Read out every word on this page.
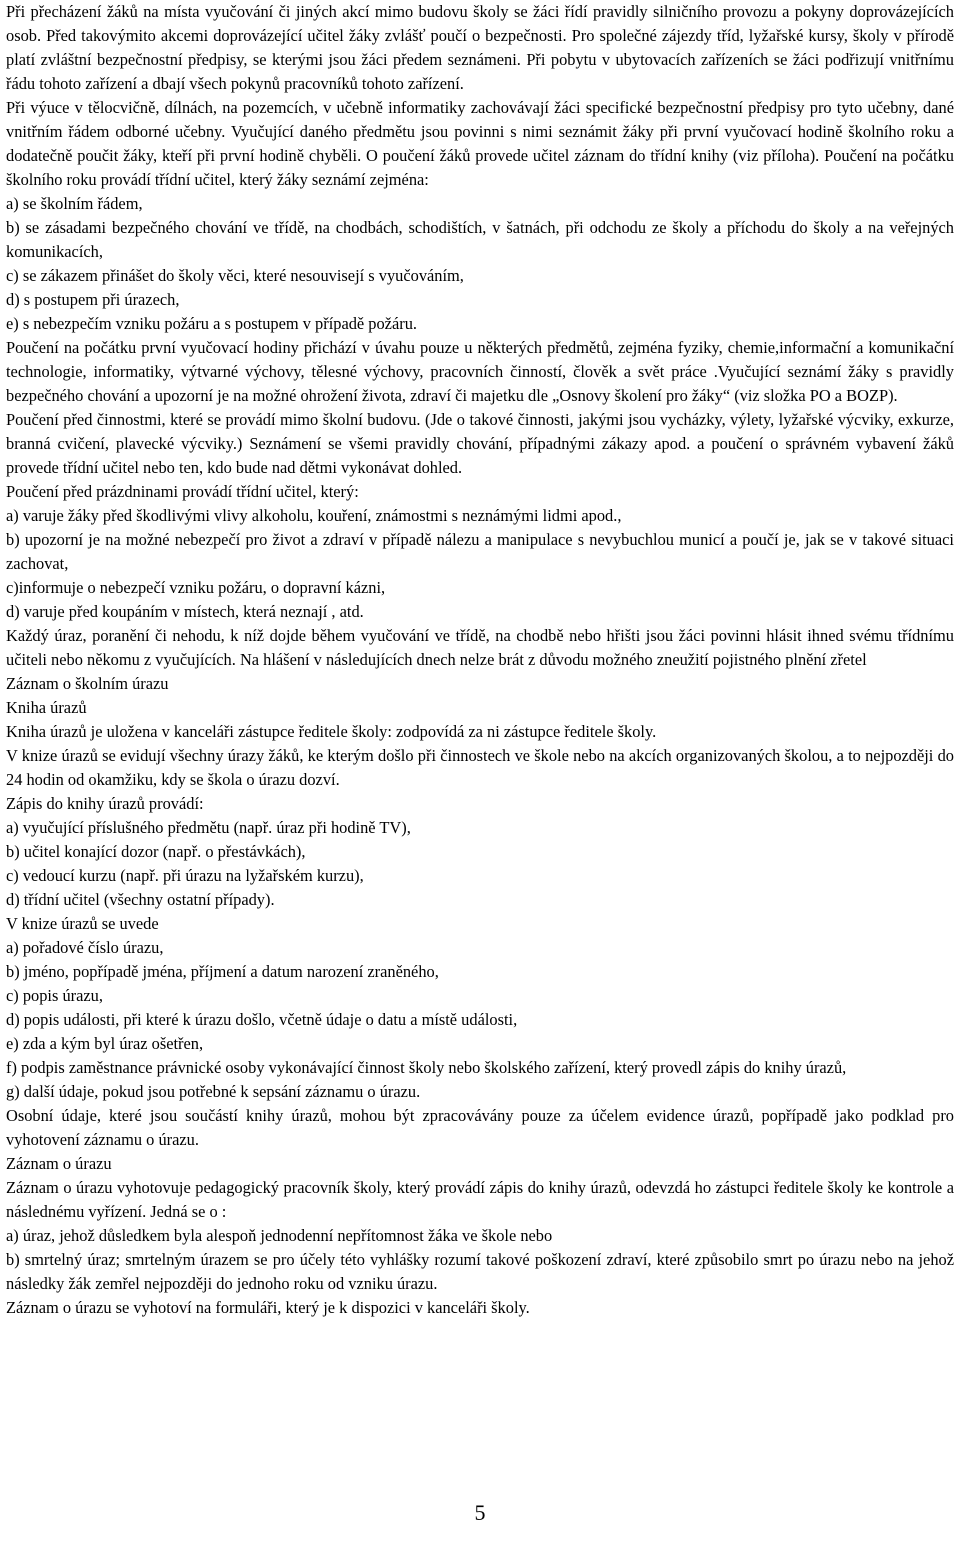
Při přecházení žáků na místa vyučování či jiných akcí mimo budovu školy se žáci řídí pravidly silničního provozu a pokyny doprovázejících osob. Před takovýmito akcemi doprovázející učitel žáky zvlášť poučí o bezpečnosti. Pro společné zájezdy tříd, lyžařské kursy, školy v přírodě platí zvláštní bezpečnostní předpisy, se kterými jsou žáci předem seznámeni. Při pobytu v ubytovacích zařízeních se žáci podřizují vnitřnímu řádu tohoto zařízení a dbají všech pokynů pracovníků tohoto zařízení.

Při výuce v tělocvičně, dílnách, na pozemcích, v učebně informatiky zachovávají žáci specifické bezpečnostní předpisy pro tyto učebny, dané vnitřním řádem odborné učebny. Vyučující daného předmětu jsou povinni s nimi seznámit žáky při první vyučovací hodině školního roku a dodatečně poučit žáky, kteří při první hodině chyběli. O poučení žáků provede učitel záznam do třídní knihy (viz příloha). Poučení na počátku školního roku provádí třídní učitel, který žáky seznámí zejména:

a) se školním řádem,

b) se zásadami bezpečného chování ve třídě, na chodbách, schodištích, v šatnách, při odchodu ze školy a příchodu do školy a na veřejných komunikacích,

c) se zákazem přinášet do školy věci, které nesouvisejí s vyučováním,

d) s postupem při úrazech,

e) s nebezpečím vzniku požáru a s postupem v případě požáru.

Poučení na počátku první vyučovací hodiny přichází v úvahu pouze u některých předmětů, zejména fyziky, chemie,informační a komunikační technologie, informatiky, výtvarné výchovy, tělesné výchovy, pracovních činností, člověk a svět práce .Vyučující seznámí žáky s pravidly bezpečného chování a upozorní je na možné ohrožení života, zdraví či majetku dle „Osnovy školení pro žáky“ (viz složka PO a BOZP).

Poučení před činnostmi, které se provádí mimo školní budovu. (Jde o takové činnosti, jakými jsou vycházky, výlety, lyžařské výcviky, exkurze, branná cvičení, plavecké výcviky.) Seznámení se všemi pravidly chování, případnými zákazy apod. a poučení o správném vybavení žáků provede třídní učitel nebo ten, kdo bude nad dětmi vykonávat dohled.

Poučení před prázdninami provádí třídní učitel, který:

a) varuje žáky před škodlivými vlivy alkoholu, kouření, známostmi s neznámými lidmi apod.,

b) upozorní je na možné nebezpečí pro život a zdraví v případě nálezu a manipulace s nevybuchlou municí a poučí je, jak se v takové situaci zachovat,

c)informuje o nebezpečí vzniku požáru, o dopravní kázni,

d) varuje před koupáním v místech, která neznají , atd.

Každý úraz, poranění či nehodu, k níž dojde během vyučování ve třídě, na chodbě nebo hřišti jsou žáci povinni hlásit ihned svému třídnímu učiteli nebo někomu z vyučujících. Na hlášení v následujících dnech nelze brát z důvodu možného zneužití pojistného plnění zřetel

Záznam o školním úrazu

Kniha úrazů

Kniha úrazů je uložena v kanceláři zástupce ředitele školy: zodpovídá za ni zástupce ředitele školy.

V knize úrazů se evidují všechny úrazy žáků, ke kterým došlo při činnostech ve škole nebo na akcích organizovaných školou, a to nejpozději do 24 hodin od okamžiku, kdy se škola o úrazu dozví.

Zápis do knihy úrazů provádí:

a) vyučující příslušného předmětu (např. úraz při hodině TV),

b) učitel konající dozor (např. o přestávkách),

c) vedoucí kurzu (např. při úrazu na lyžařském kurzu),

d) třídní učitel (všechny ostatní případy).

V knize úrazů se uvede

a) pořadové číslo úrazu,

b) jméno, popřípadě jména, příjmení a datum narození zraněného,

c) popis úrazu,

d) popis události, při které k úrazu došlo, včetně údaje o datu a místě události,

e) zda a kým byl úraz ošetřen,

f) podpis zaměstnance právnické osoby vykonávající činnost školy nebo školského zařízení, který provedl zápis do knihy úrazů,

g) další údaje, pokud jsou potřebné k sepsání záznamu o úrazu.

Osobní údaje, které jsou součástí knihy úrazů, mohou být zpracovávány pouze za účelem evidence úrazů, popřípadě jako podklad pro vyhotovení záznamu o úrazu.

Záznam o úrazu

Záznam o úrazu vyhotovuje pedagogický pracovník školy, který provádí zápis do knihy úrazů, odevzdá ho zástupci ředitele školy ke kontrole a následnému vyřízení. Jedná se o :

a) úraz, jehož důsledkem byla alespoň jednodenní nepřítomnost žáka ve škole nebo

b) smrtelný úraz; smrtelným úrazem se pro účely této vyhlášky rozumí takové poškození zdraví, které způsobilo smrt po úrazu nebo na jehož následky žák zemřel nejpozději do jednoho roku od vzniku úrazu.

Záznam o úrazu se vyhotoví na formuláři, který je k dispozici v kanceláři školy.

5
